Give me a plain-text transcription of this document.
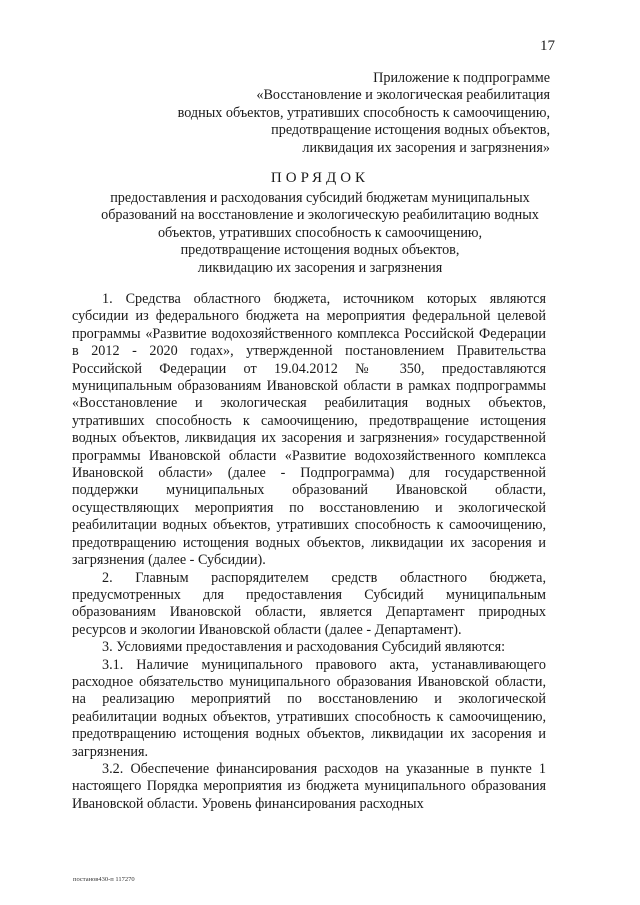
17
Приложение к подпрограмме
«Восстановление и экологическая реабилитация
водных объектов, утративших способность к самоочищению,
предотвращение истощения водных объектов,
ликвидация их засорения и загрязнения»
ПОРЯДОК
предоставления и расходования субсидий бюджетам муниципальных
образований на восстановление и экологическую реабилитацию водных
объектов, утративших способность к самоочищению,
предотвращение истощения водных объектов,
ликвидацию их засорения и загрязнения

1. Средства областного бюджета, источником которых являются субсидии из федерального бюджета на мероприятия федеральной целевой программы «Развитие водохозяйственного комплекса Российской Федерации в 2012 - 2020 годах», утвержденной постановлением Правительства Российской Федерации от 19.04.2012 № 350, предоставляются муниципальным образованиям Ивановской области в рамках подпрограммы «Восстановление и экологическая реабилитация водных объектов, утративших способность к самоочищению, предотвращение истощения водных объектов, ликвидация их засорения и загрязнения» государственной программы Ивановской области «Развитие водохозяйственного комплекса Ивановской области» (далее - Подпрограмма) для государственной поддержки муниципальных образований Ивановской области, осуществляющих мероприятия по восстановлению и экологической реабилитации водных объектов, утративших способность к самоочищению, предотвращению истощения водных объектов, ликвидации их засорения и загрязнения (далее - Субсидии).

2. Главным распорядителем средств областного бюджета, предусмотренных для предоставления Субсидий муниципальным образованиям Ивановской области, является Департамент природных ресурсов и экологии Ивановской области (далее - Департамент).

3. Условиями предоставления и расходования Субсидий являются:

3.1. Наличие муниципального правового акта, устанавливающего расходное обязательство муниципального образования Ивановской области, на реализацию мероприятий по восстановлению и экологической реабилитации водных объектов, утративших способность к самоочищению, предотвращению истощения водных объектов, ликвидации их засорения и загрязнения.

3.2. Обеспечение финансирования расходов на указанные в пункте 1 настоящего Порядка мероприятия из бюджета муниципального образования Ивановской области. Уровень финансирования расходных

постанов430-п 117270
